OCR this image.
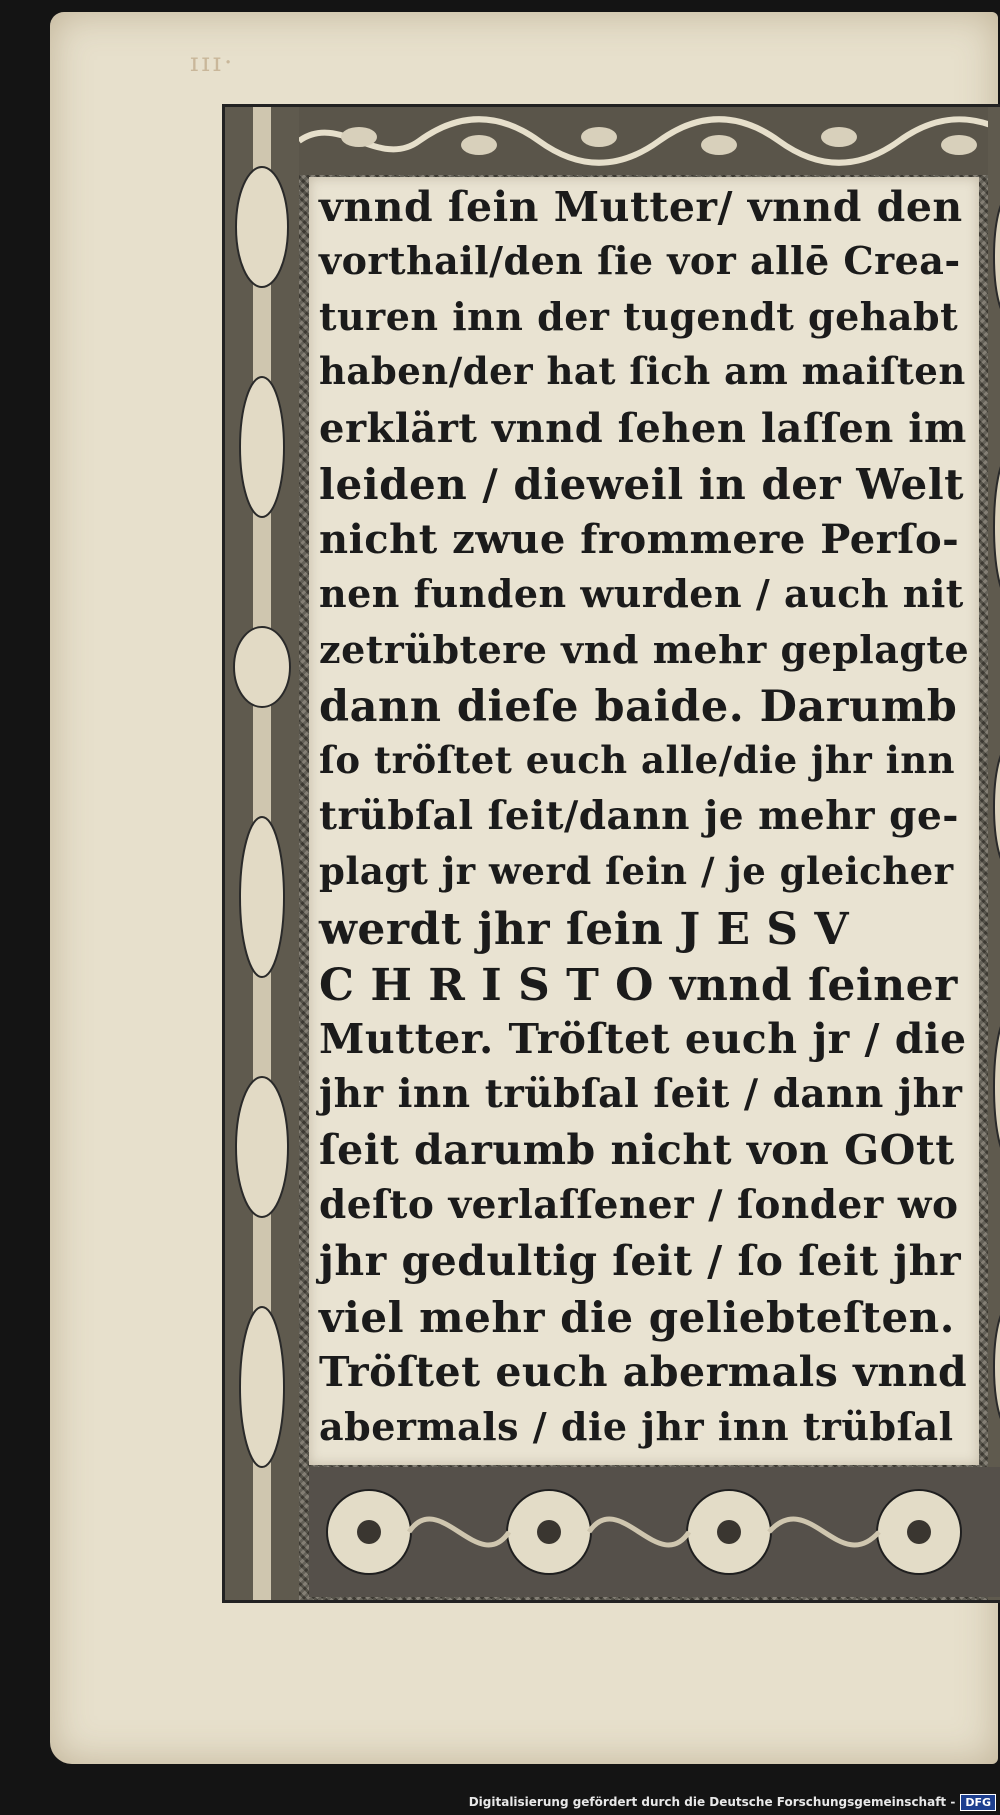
ɪɪɪ·
vnnd ſein Mutter/ vnnd den
vorthail/den ſie vor allē Crea-
turen inn der tugendt gehabt
haben/der hat ſich am maiſten
erklärt vnnd ſehen laſſen im
leiden / dieweil in der Welt
nicht zwue frommere Perſo-
nen funden wurden / auch nit
zetrübtere vnd mehr geplagte
dann dieſe baide. Darumb
ſo tröſtet euch alle/die jhr inn
trübſal ſeit/dann je mehr ge-
plagt jr werd ſein / je gleicher
werdt jhr ſein J E S V
C H R I S T O vnnd ſeiner
Mutter. Tröſtet euch jr / die
jhr inn trübſal ſeit / dann jhr
ſeit darumb nicht von GOtt
deſto verlaſſener / ſonder wo
jhr gedultig ſeit / ſo ſeit jhr
viel mehr die geliebteſten.
Tröſtet euch abermals vnnd
abermals / die jhr inn trübſal
Digitalisierung gefördert durch die Deutsche Forschungsgemeinschaft - DFG
